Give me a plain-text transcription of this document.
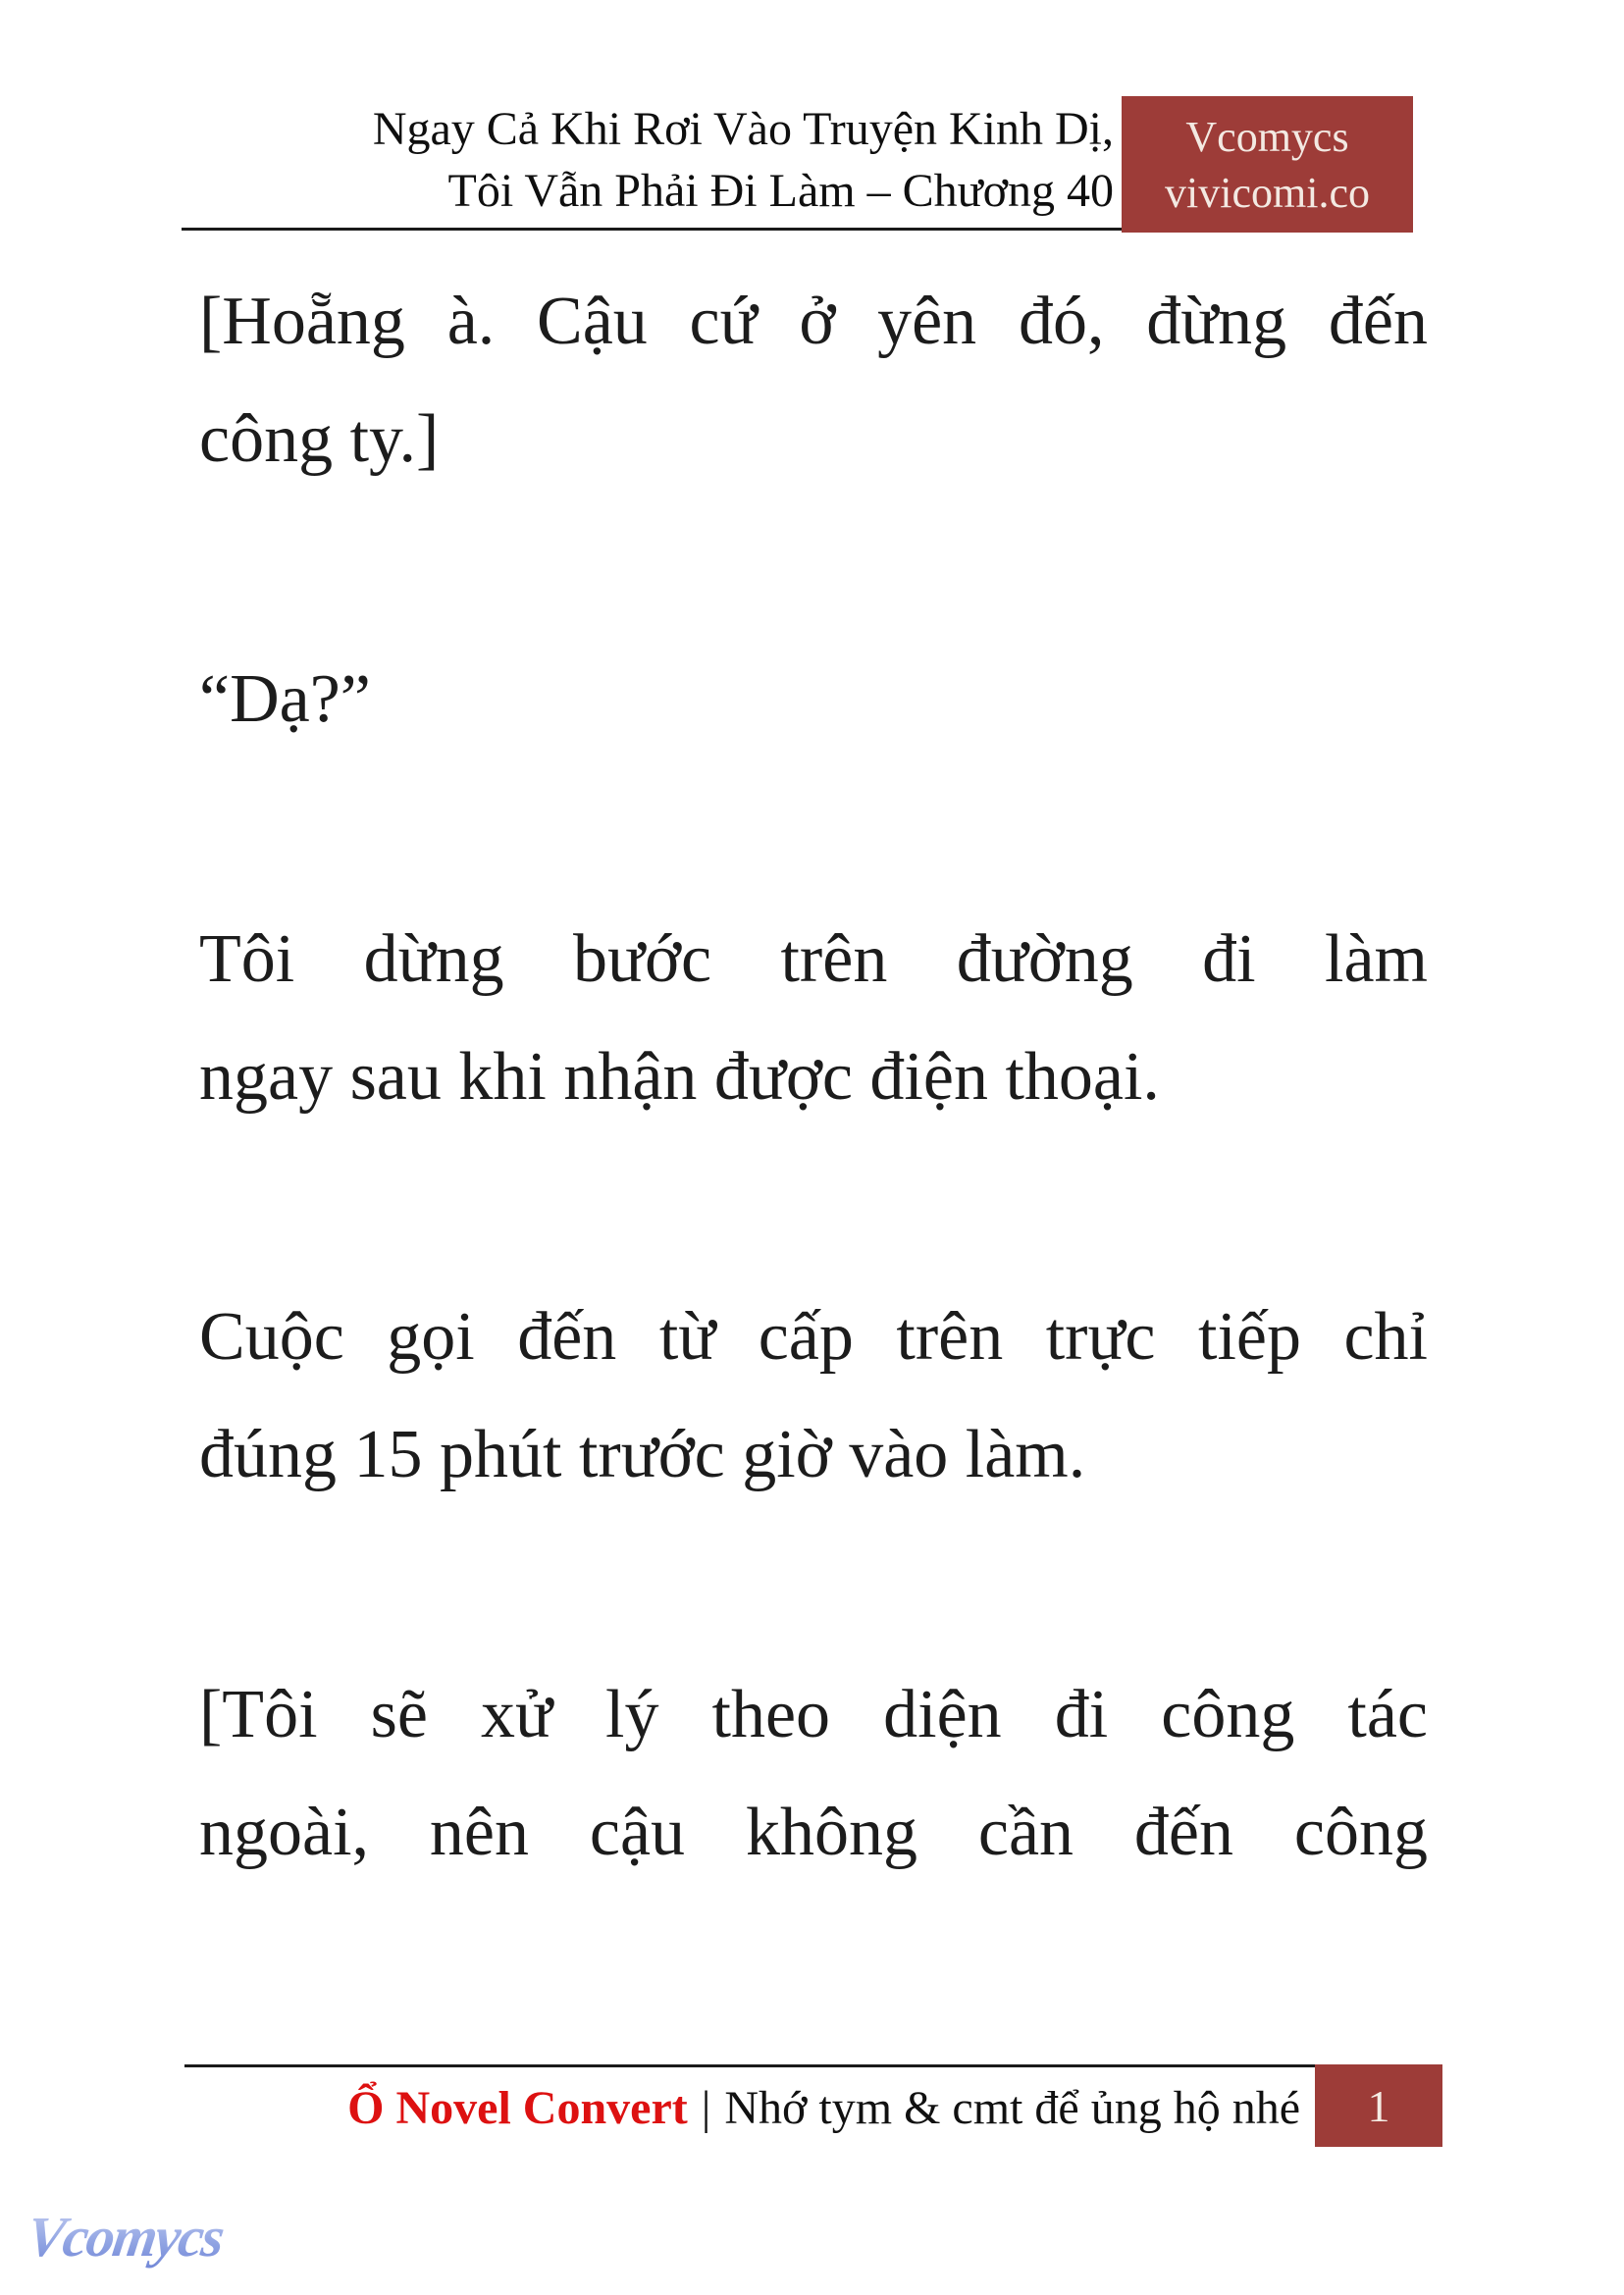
Ngay Cả Khi Rơi Vào Truyện Kinh Dị,
Tôi Vẫn Phải Đi Làm – Chương 40
Vcomycs
vivicomi.co

[Hoẵng à. Cậu cứ ở yên đó, đừng đến
công ty.]

“Dạ?”

Tôi dừng bước trên đường đi làm
ngay sau khi nhận được điện thoại.

Cuộc gọi đến từ cấp trên trực tiếp chỉ
đúng 15 phút trước giờ vào làm.

[Tôi sẽ xử lý theo diện đi công tác
ngoài, nên cậu không cần đến công

Ổ Novel Convert | Nhớ tym & cmt để ủng hộ nhé	1
Vcomycs
